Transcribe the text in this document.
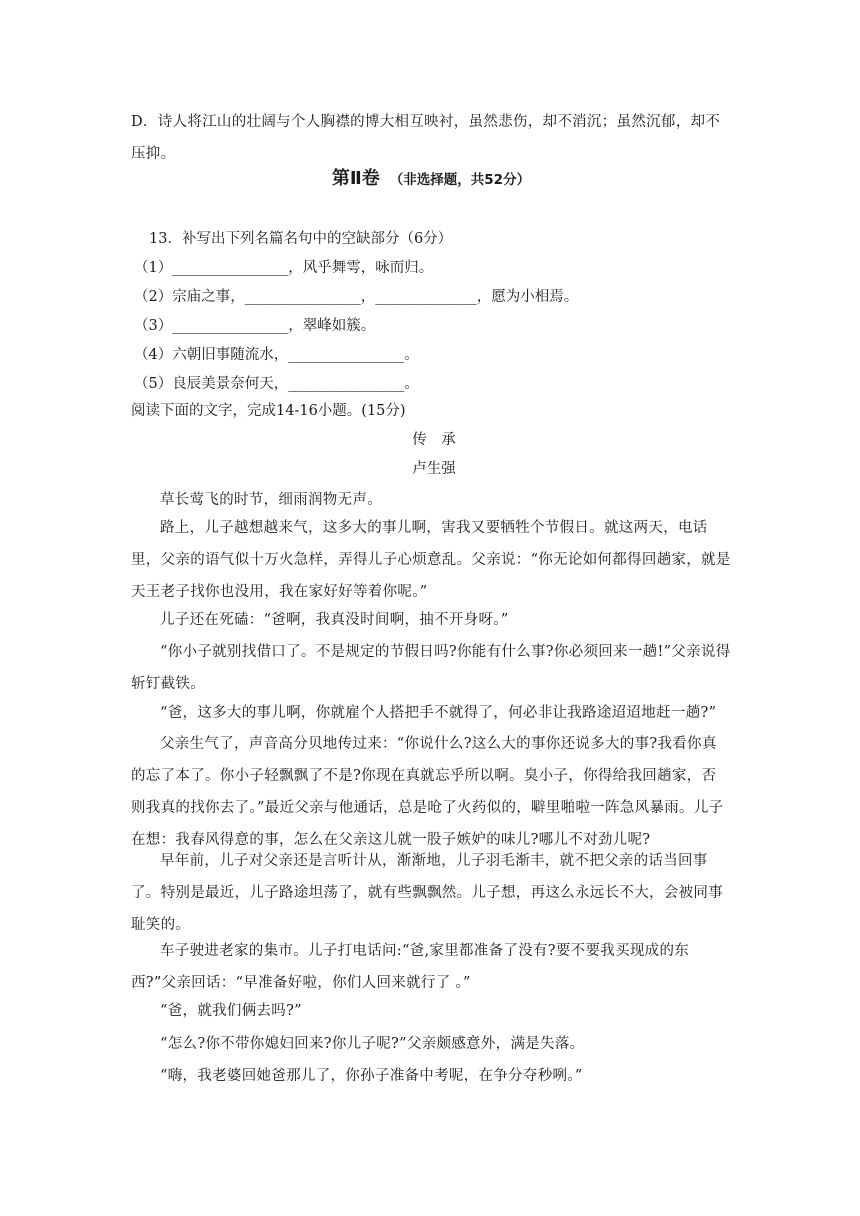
D．诗人将江山的壮阔与个人胸襟的博大相互映衬，虽然悲伤，却不消沉；虽然沉郁，却不

压抑。

第Ⅱ卷 （非选择题，共52分）
13．补写出下列名篇名句中的空缺部分（6分）
（1）________________，风乎舞雩，咏而归。
（2）宗庙之事，________________，______________，愿为小相焉。
（3）________________，翠峰如簇。
（4）六朝旧事随流水，________________。
（5）良辰美景奈何天，________________。
阅读下面的文字，完成14-16小题。(15分)
传　承
卢生强

草长莺飞的时节，细雨润物无声。

路上，儿子越想越来气，这多大的事儿啊，害我又要牺牲个节假日。就这两天，电话里，父亲的语气似十万火急样，弄得儿子心烦意乱。父亲说：“你无论如何都得回趟家，就是天王老子找你也没用，我在家好好等着你呢。”

儿子还在死磕：“爸啊，我真没时间啊，抽不开身呀。”

“你小子就别找借口了。不是规定的节假日吗?你能有什么事?你必须回来一趟!”父亲说得斩钉截铁。

“爸，这多大的事儿啊，你就雇个人搭把手不就得了，何必非让我路途迢迢地赶一趟?”

父亲生气了，声音高分贝地传过来：“你说什么?这么大的事你还说多大的事?我看你真的忘了本了。你小子轻飘飘了不是?你现在真就忘乎所以啊。臭小子，你得给我回趟家，否则我真的找你去了。”最近父亲与他通话，总是呛了火药似的，噼里啪啦一阵急风暴雨。儿子在想：我春风得意的事，怎么在父亲这儿就一股子嫉妒的味儿?哪儿不对劲儿呢?

早年前，儿子对父亲还是言听计从，渐渐地，儿子羽毛渐丰，就不把父亲的话当回事了。特别是最近，儿子路途坦荡了，就有些飘飘然。儿子想，再这么永远长不大，会被同事耻笑的。

车子驶进老家的集市。儿子打电话问:“爸,家里都准备了没有?要不要我买现成的东西?”父亲回话：“早准备好啦，你们人回来就行了 。”

“爸，就我们俩去吗?”

“怎么?你不带你媳妇回来?你儿子呢?”父亲颇感意外，满是失落。

“嗨，我老婆回她爸那儿了，你孙子准备中考呢，在争分夺秒咧。”
